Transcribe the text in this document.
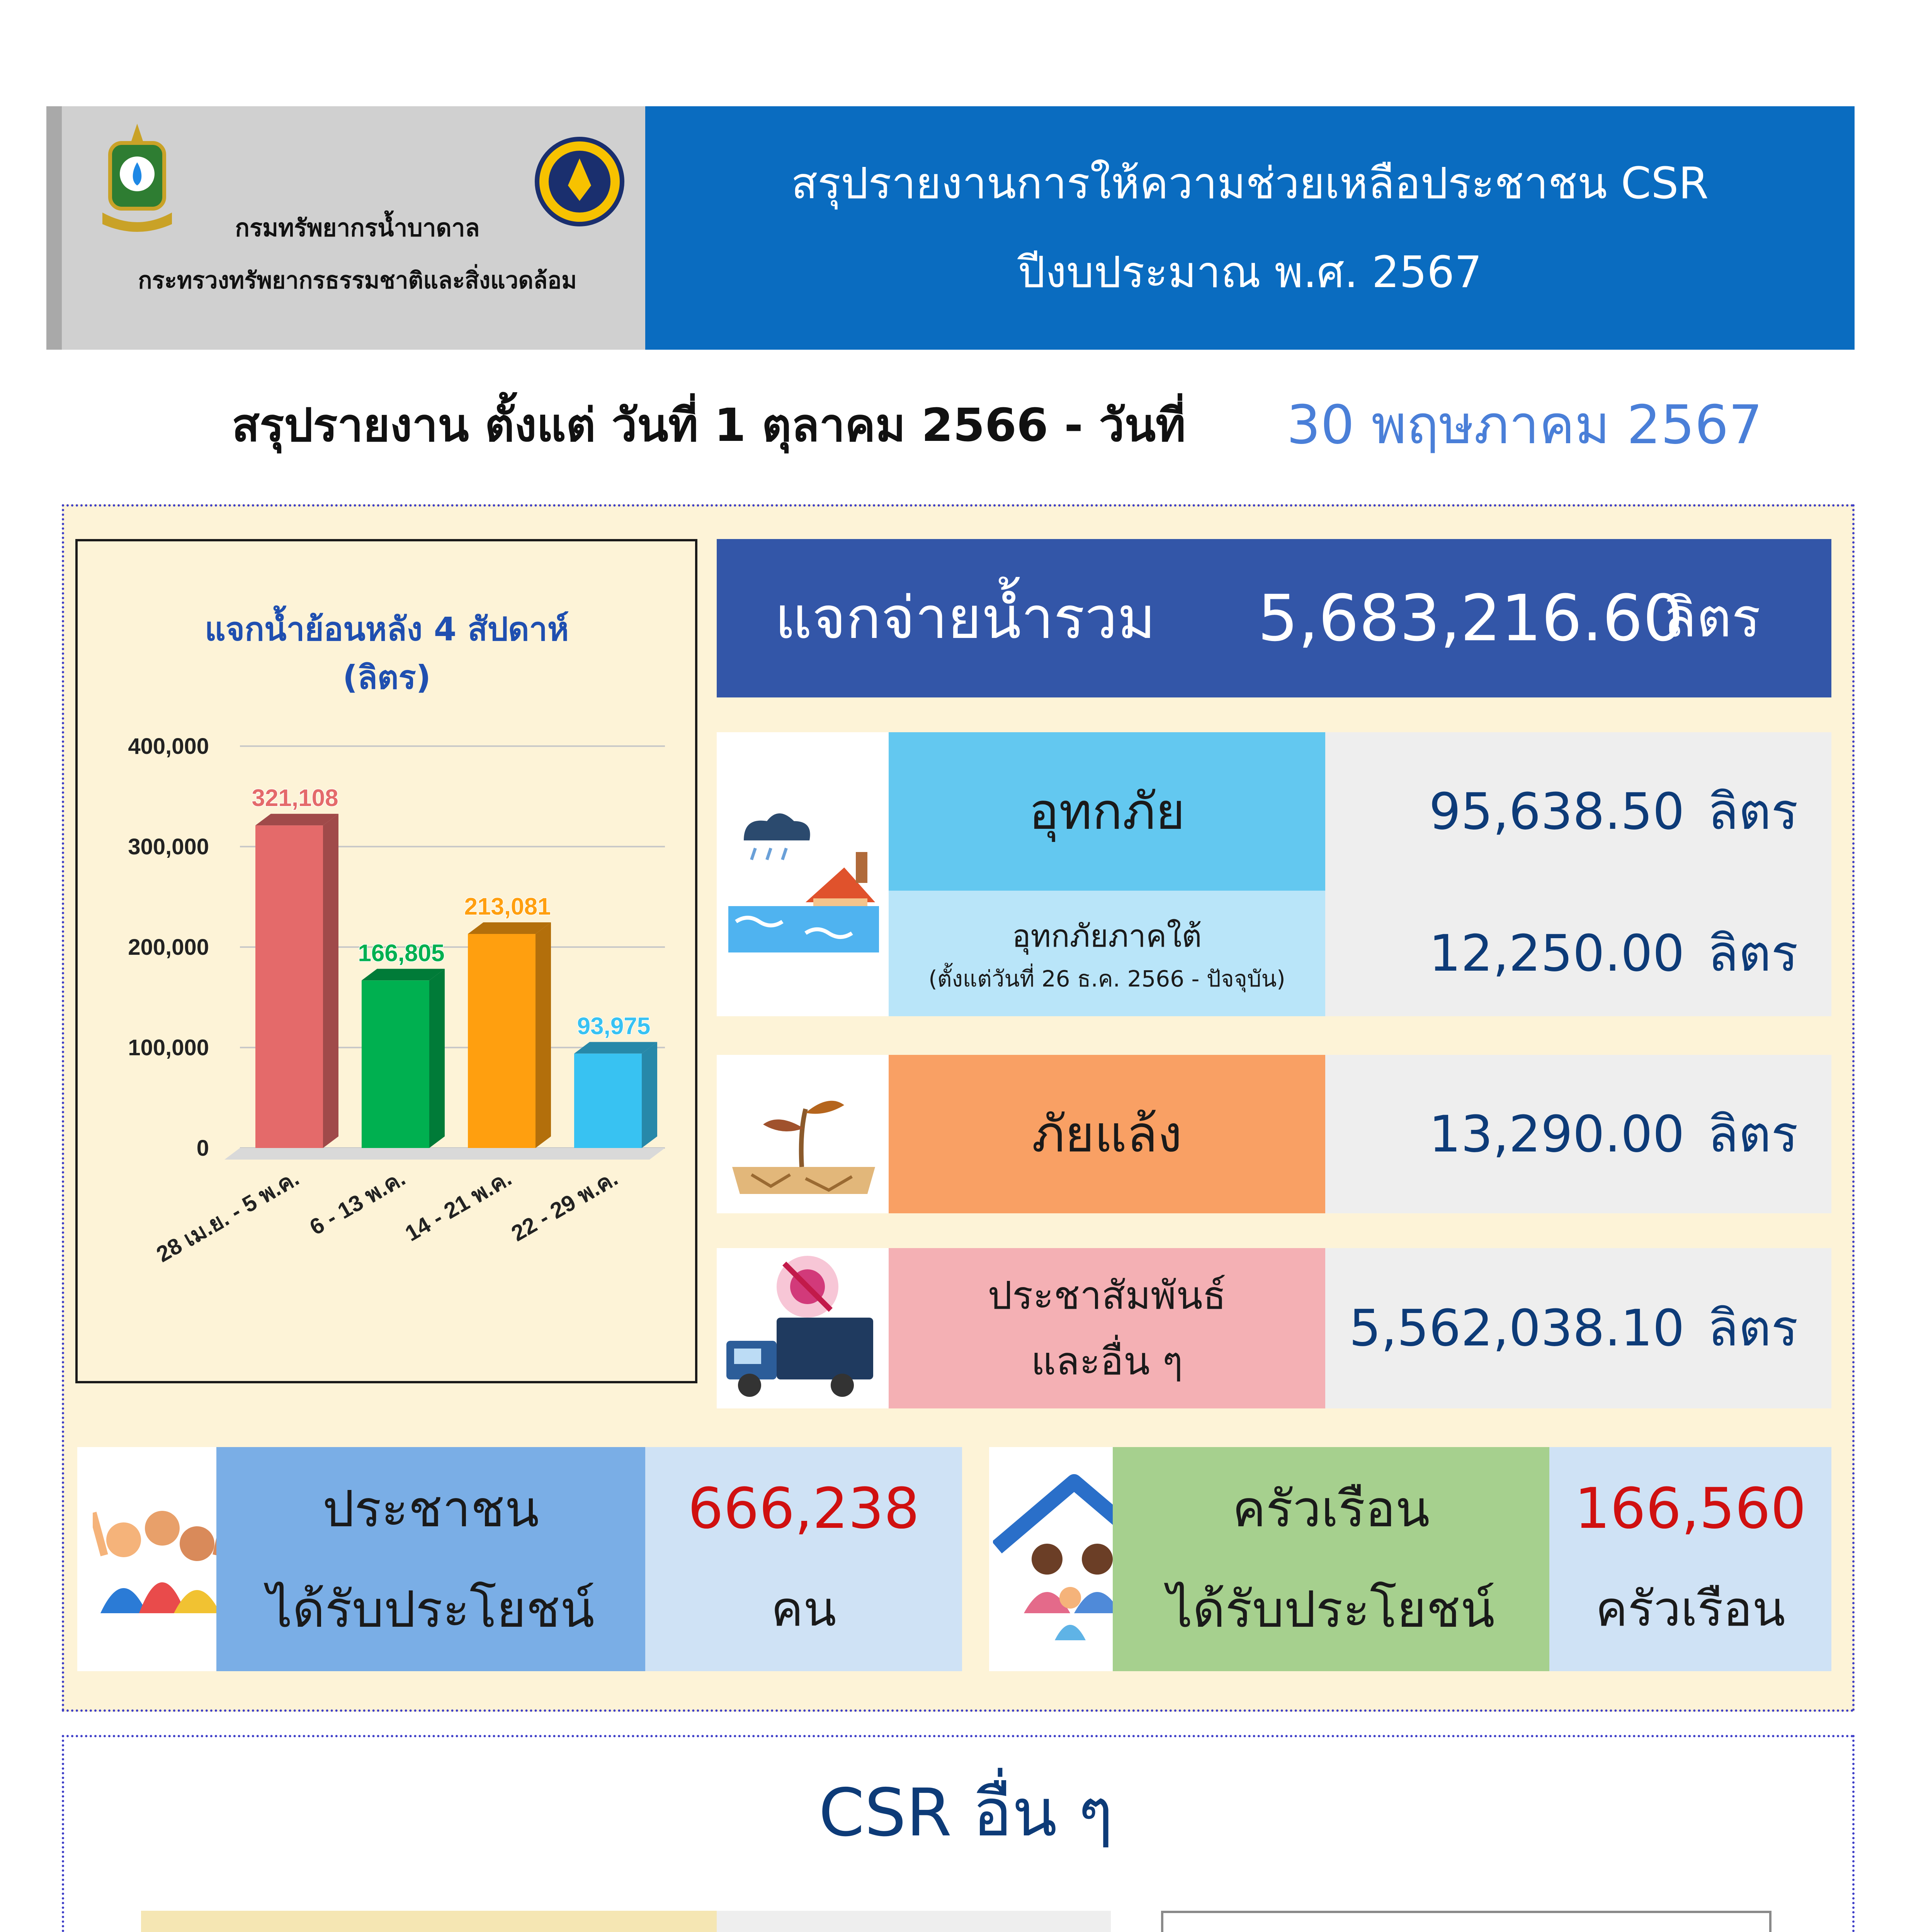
กรมทรัพยากรน้ำบาดาล
กระทรวงทรัพยากรธรรมชาติและสิ่งแวดล้อม
สรุปรายงานการให้ความช่วยเหลือประชาชน CSR
ปีงบประมาณ พ.ศ. 2567
สรุปรายงาน ตั้งแต่ วันที่ 1 ตุลาคม 2566 - วันที่	30 พฤษภาคม 2567
แจกน้ำย้อนหลัง 4 สัปดาห์
(ลิตร)
0
100,000
200,000
300,000
400,000
321,108
28 เม.ย. - 5 พ.ค.
166,805
6 - 13 พ.ค.
213,081
14 - 21 พ.ค.
93,975
22 - 29 พ.ค.
แจกจ่ายน้ำรวม 5,683,216.60
ลิตร
อุทกภัย
อุทกภัยภาคใต้
(ตั้งแต่วันที่ 26 ธ.ค. 2566 - ปัจจุบัน)
95,638.50 ลิตร
12,250.00 ลิตร
ภัยแล้ง	13,290.00 ลิตร
ประชาสัมพันธ์
และอื่น ๆ
5,562,038.10 ลิตร
ประชาชน
ได้รับประโยชน์
666,238
คน
ครัวเรือน
ได้รับประโยชน์
166,560
ครัวเรือน
CSR อื่น ๆ
